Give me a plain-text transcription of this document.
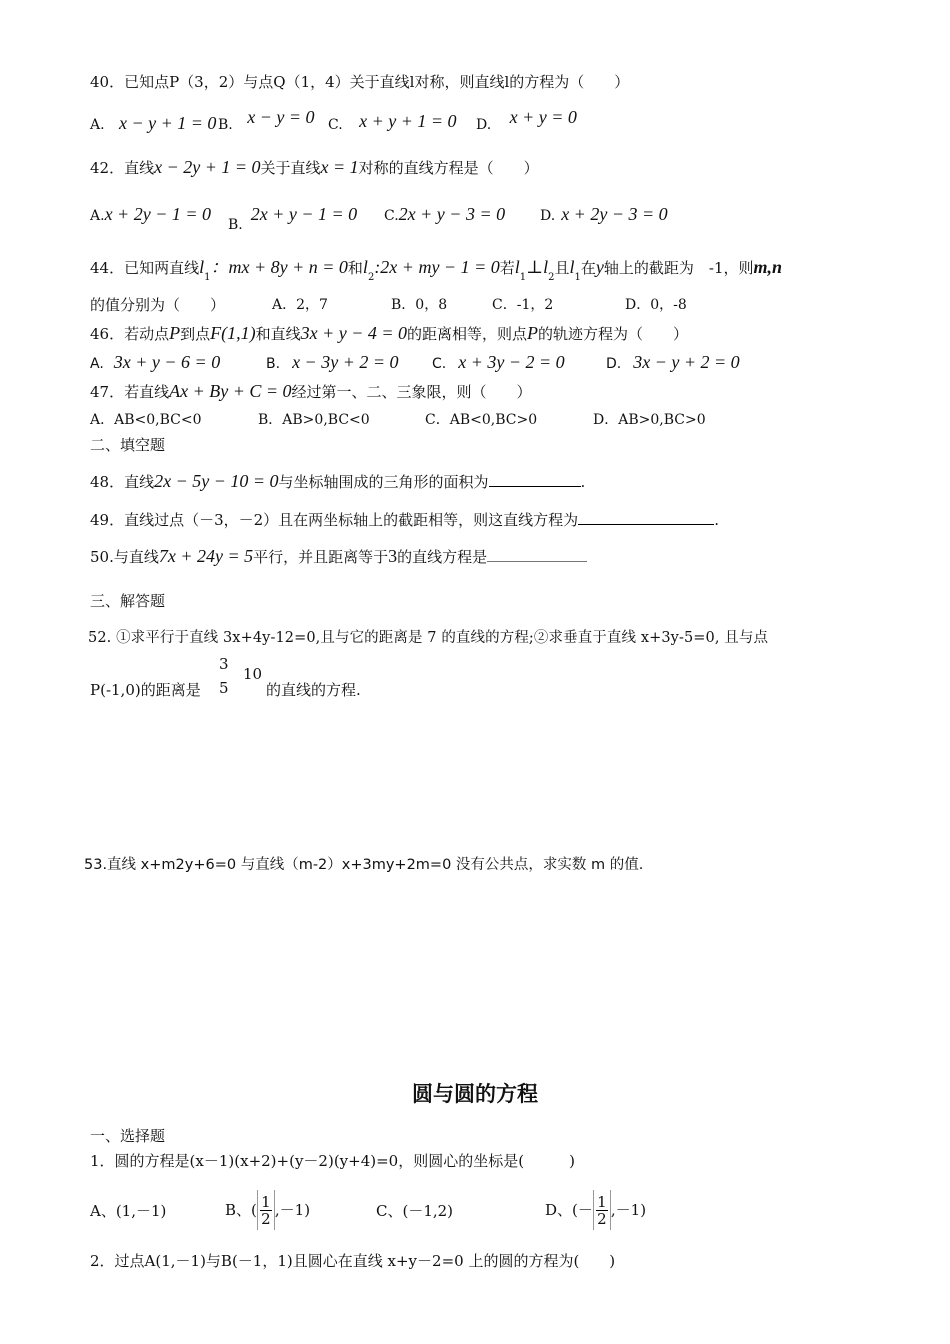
40．已知点P（3，2）与点Q（1，4）关于直线l对称，则直线l的方程为（　　）
A. x − y + 1 = 0 B. x − y = 0 C. x + y + 1 = 0 D. x + y = 0
42．直线x − 2y + 1 = 0关于直线x = 1对称的直线方程是（　　）
A.x + 2y − 1 = 0
B.2x + y − 1 = 0 C.2x + y − 3 = 0 D. x + 2y − 3 = 0
44．已知两直线$l_1$：mx + 8y + n = 0和$l_2:2x$ + my − 1 = 0若$l_1\perp l_2$且$l_1$在y轴上的截距为　-1，则m,n
的值分别为（　　）	A．2，7	B．0，8	C．-1，2	D．0，-8
46．若动点P到点F(1,1)和直线3x + y − 4 = 0的距离相等，则点P的轨迹方程为（　　）
A. 3x + y − 6 = 0	B. x − 3y + 2 = 0 C. x + 3y − 2 = 0	D. 3x − y + 2 = 0
47．若直线Ax + By + C = 0经过第一、二、三象限，则（　　）
A．AB<0,BC<0	B．AB>0,BC<0	C．AB<0,BC>0	D．AB>0,BC>0
二、填空题
48．直线2x − 5y − 10 = 0与坐标轴围成的三角形的面积为	.
49．直线过点（－3，－2）且在两坐标轴上的截距相等，则这直线方程为	.
50.与直线7x + 24y = 5平行，并且距离等于3的直线方程是
三、解答题
52. ①求平行于直线 3x+4y-12=0,且与它的距离是 7 的直线的方程;②求垂直于直线 x+3y-5=0, 且与点
P(-1,0)的距离是
3
5
10
的直线的方程.
53.直线 x+m2y+6=0 与直线（m-2）x+3my+2m=0 没有公共点，求实数 m 的值.
圆与圆的方程
一、选择题
1．圆的方程是(x－1)(x+2)+(y－2)(y+4)=0，则圆心的坐标是(　　　)
A、(1,－1)	B、( $\frac{1}{2} ,-1$)	C、(－1,2)	D、(－ $\frac{1}{2} ,-1$)
2．过点A(1,－1)与B(－1，1)且圆心在直线 x+y－2=0 上的圆的方程为(　　)
